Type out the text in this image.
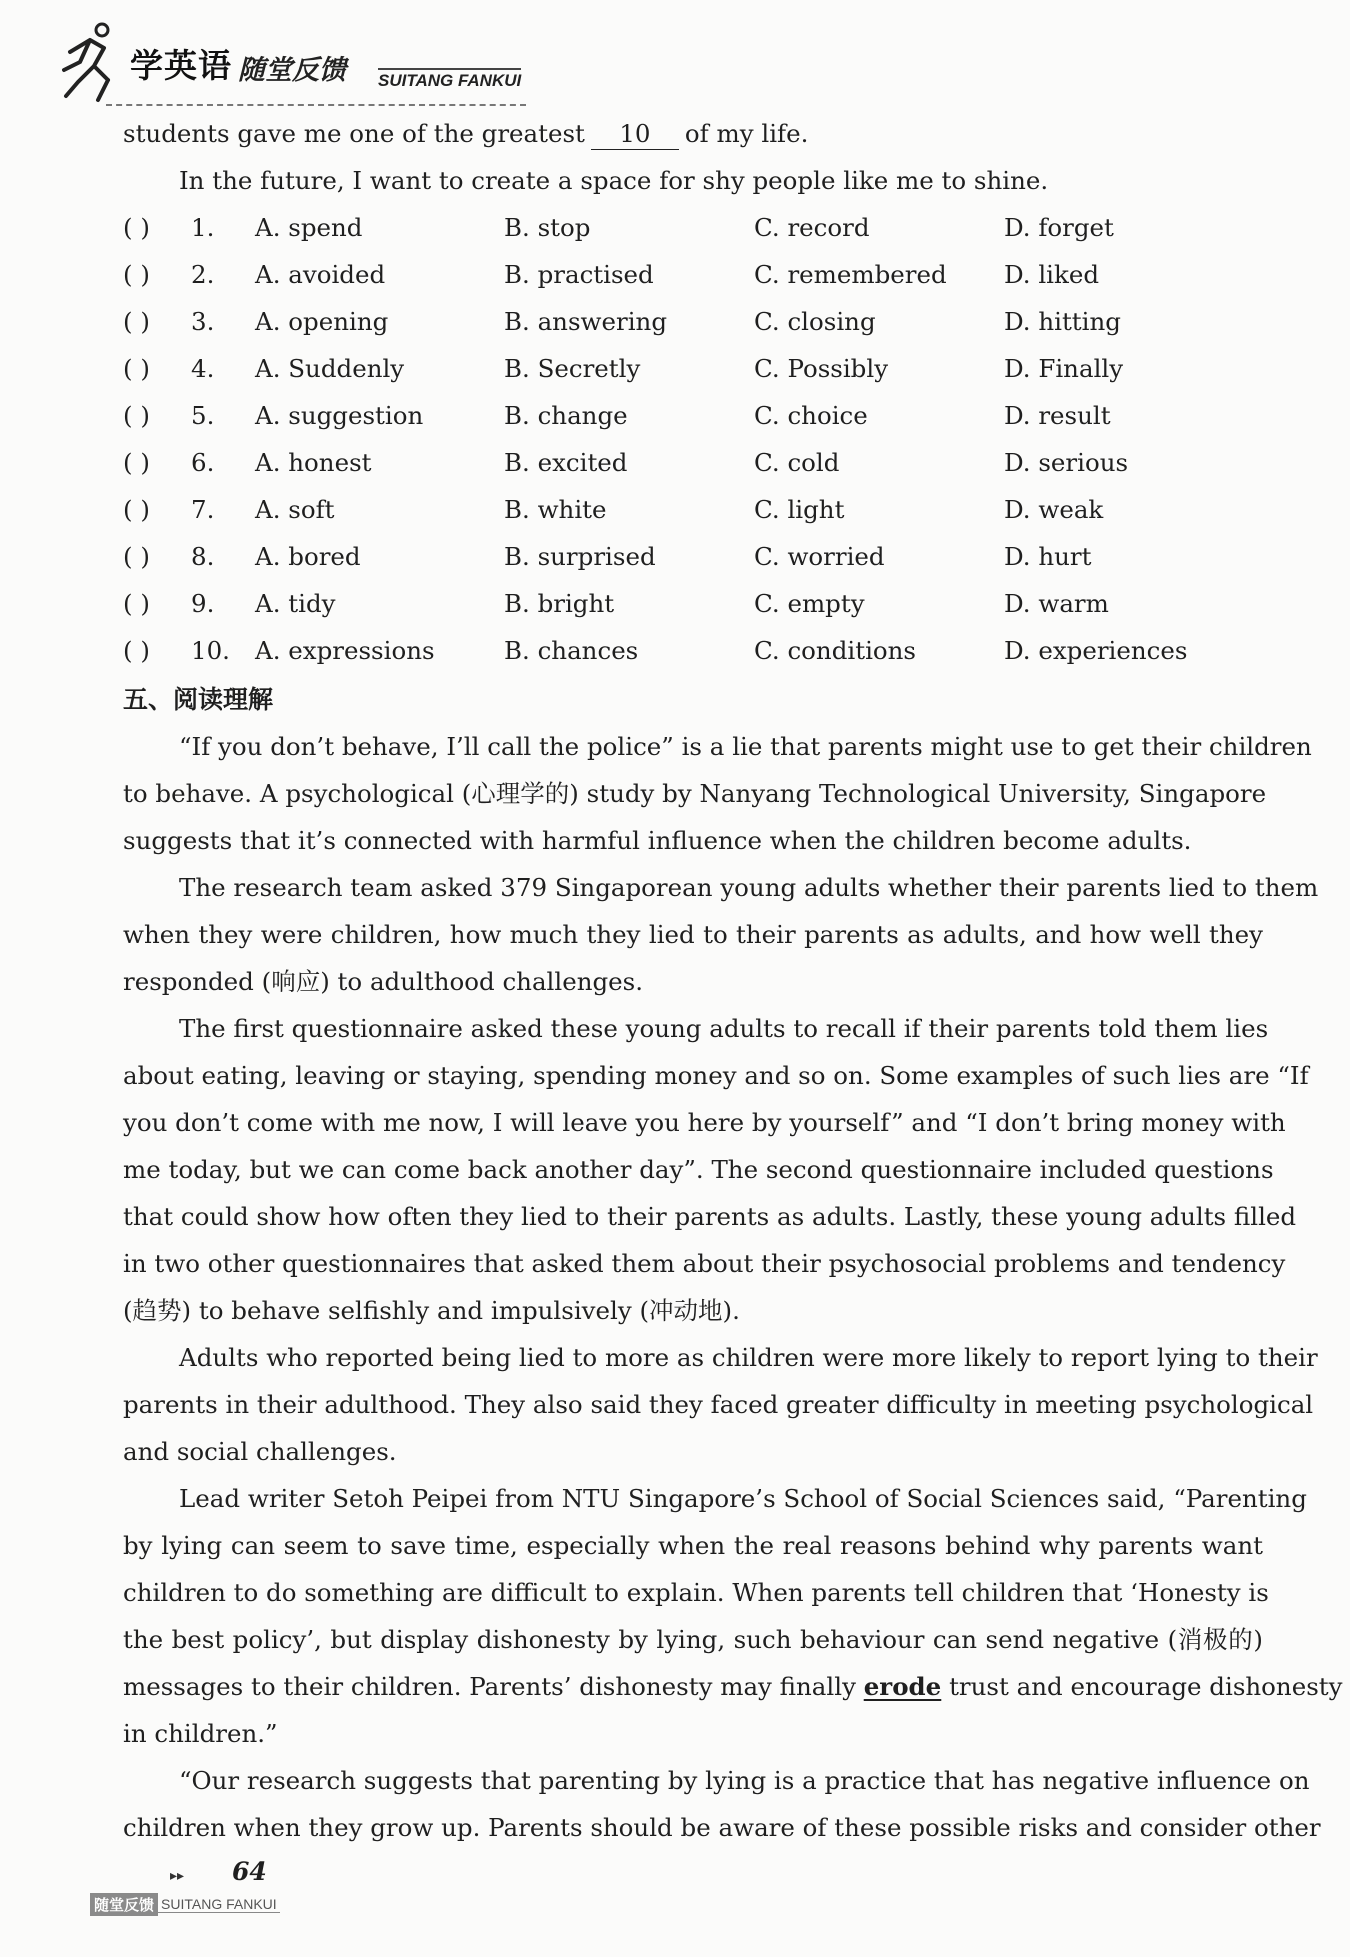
学英语 随堂反馈 SUITANG FANKUI
students gave me one of the greatest 10 of my life.
In the future, I want to create a space for shy people like me to shine.
( ) 1. A. spend	B. stop	C. record	D. forget
( ) 2. A. avoided	B. practised	C. remembered D. liked
( ) 3. A. opening	B. answering	C. closing	D. hitting
( ) 4. A. Suddenly	B. Secretly	C. Possibly	D. Finally
( ) 5. A. suggestion	B. change	C. choice	D. result
( ) 6. A. honest	B. excited	C. cold	D. serious
( ) 7. A. soft	B. white	C. light	D. weak
( ) 8. A. bored	B. surprised	C. worried	D. hurt
( ) 9. A. tidy	B. bright	C. empty	D. warm
( ) 10. A. expressions	B. chances	C. conditions	D. experiences
五、阅读理解
“If you don’t behave, I’ll call the police” is a lie that parents might use to get their children
to behave. A psychological (心理学的) study by Nanyang Technological University, Singapore
suggests that it’s connected with harmful influence when the children become adults.
The research team asked 379 Singaporean young adults whether their parents lied to them
when they were children, how much they lied to their parents as adults, and how well they
responded (响应) to adulthood challenges.
The first questionnaire asked these young adults to recall if their parents told them lies
about eating, leaving or staying, spending money and so on. Some examples of such lies are “If
you don’t come with me now, I will leave you here by yourself” and “I don’t bring money with
me today, but we can come back another day”. The second questionnaire included questions
that could show how often they lied to their parents as adults. Lastly, these young adults filled
in two other questionnaires that asked them about their psychosocial problems and tendency
(趋势) to behave selfishly and impulsively (冲动地).
Adults who reported being lied to more as children were more likely to report lying to their
parents in their adulthood. They also said they faced greater difficulty in meeting psychological
and social challenges.
Lead writer Setoh Peipei from NTU Singapore’s School of Social Sciences said, “Parenting
by lying can seem to save time, especially when the real reasons behind why parents want
children to do something are difficult to explain. When parents tell children that ‘Honesty is
the best policy’, but display dishonesty by lying, such behaviour can send negative (消极的)
messages to their children. Parents’ dishonesty may finally erode trust and encourage dishonesty
in children.”
“Our research suggests that parenting by lying is a practice that has negative influence on
children when they grow up. Parents should be aware of these possible risks and consider other
▸▸ 64
随堂反馈 SUITANG FANKUI
